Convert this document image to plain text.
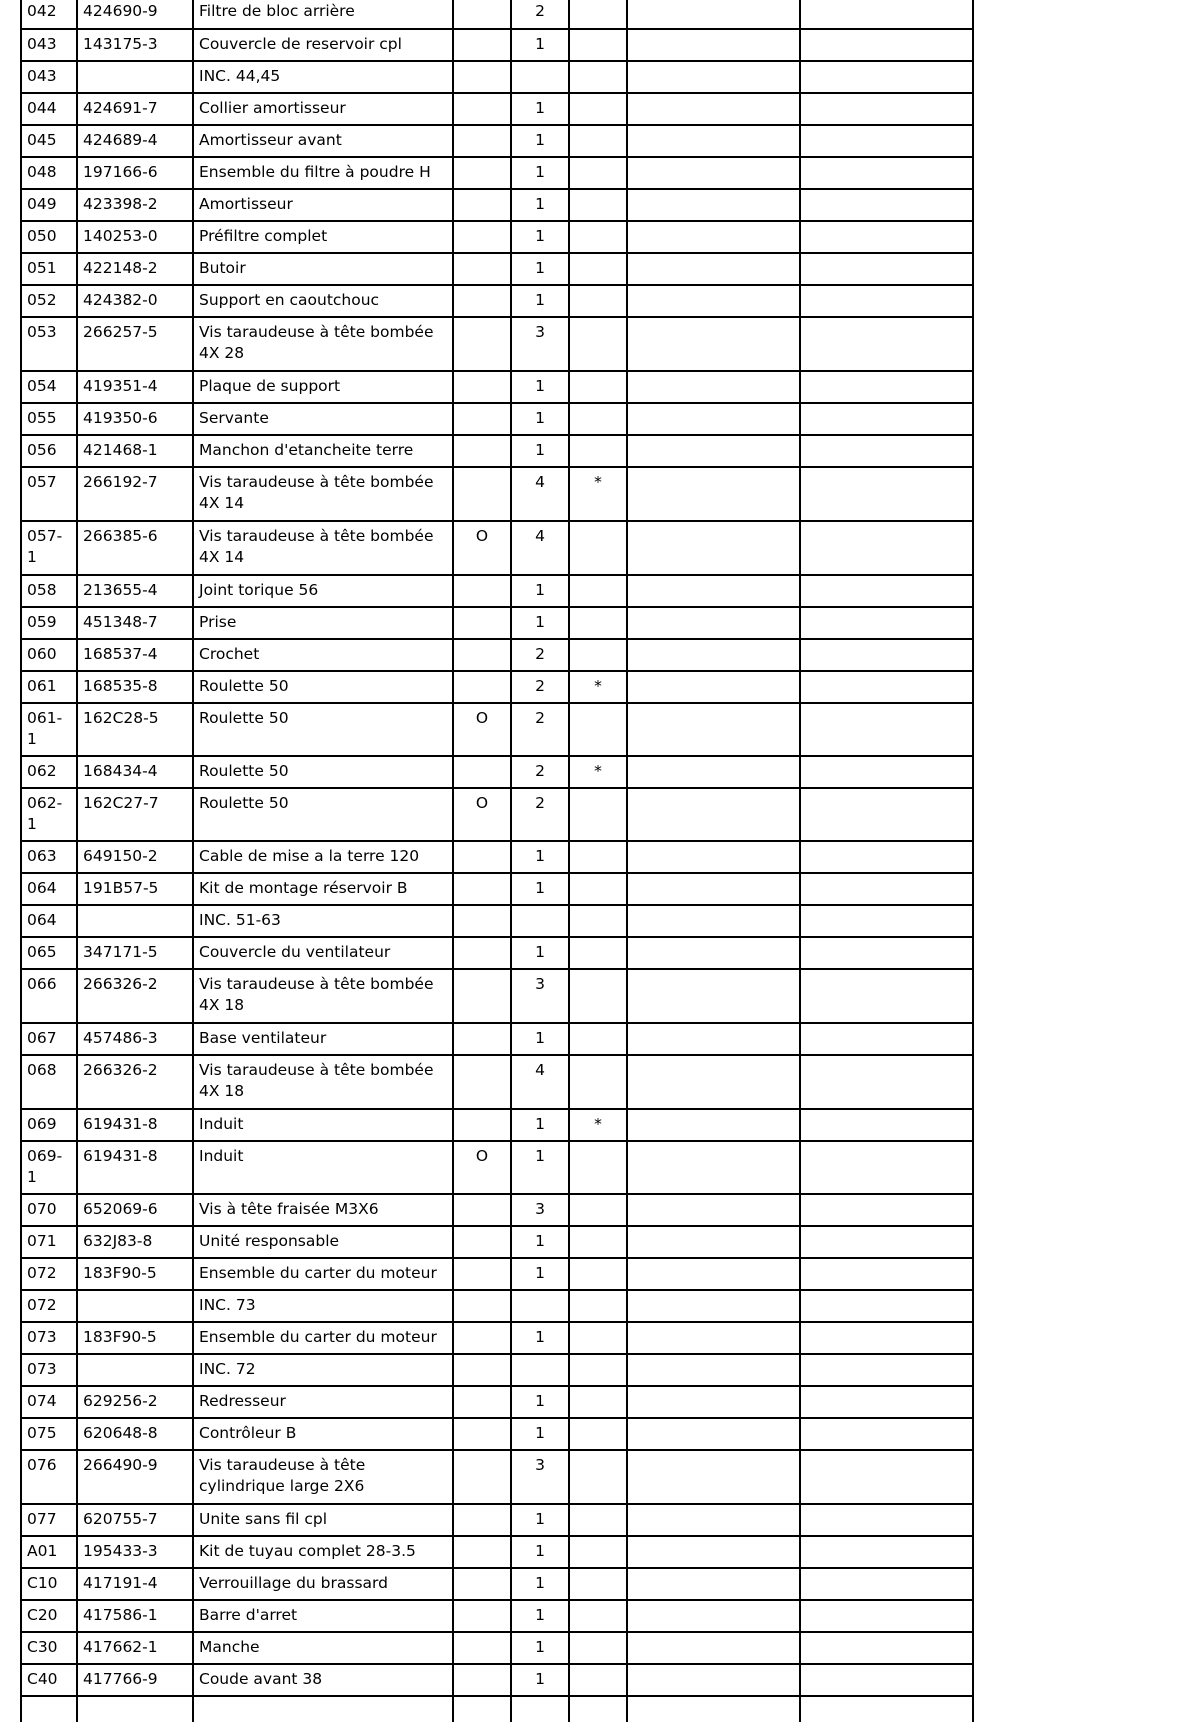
042	424690-9	Filtre de bloc arrière		2			
043	143175-3	Couvercle de reservoir cpl		1			
043		INC. 44,45					
044	424691-7	Collier amortisseur		1			
045	424689-4	Amortisseur avant		1			
048	197166-6	Ensemble du filtre à poudre H		1			
049	423398-2	Amortisseur		1			
050	140253-0	Préfiltre complet		1			
051	422148-2	Butoir		1			
052	424382-0	Support en caoutchouc		1			
053	266257-5	Vis taraudeuse à tête bombée 4X 28		3			
054	419351-4	Plaque de support		1			
055	419350-6	Servante		1			
056	421468-1	Manchon d'etancheite terre		1			
057	266192-7	Vis taraudeuse à tête bombée 4X 14		4	*		
057-1	266385-6	Vis taraudeuse à tête bombée 4X 14	O	4			
058	213655-4	Joint torique 56		1			
059	451348-7	Prise		1			
060	168537-4	Crochet		2			
061	168535-8	Roulette 50		2	*		
061-1	162C28-5	Roulette 50	O	2			
062	168434-4	Roulette 50		2	*		
062-1	162C27-7	Roulette 50	O	2			
063	649150-2	Cable de mise a la terre 120		1			
064	191B57-5	Kit de montage réservoir B		1			
064		INC. 51-63					
065	347171-5	Couvercle du ventilateur		1			
066	266326-2	Vis taraudeuse à tête bombée 4X 18		3			
067	457486-3	Base ventilateur		1			
068	266326-2	Vis taraudeuse à tête bombée 4X 18		4			
069	619431-8	Induit		1	*		
069-1	619431-8	Induit	O	1			
070	652069-6	Vis à tête fraisée M3X6		3			
071	632J83-8	Unité responsable		1			
072	183F90-5	Ensemble du carter du moteur		1			
072		INC. 73					
073	183F90-5	Ensemble du carter du moteur		1			
073		INC. 72					
074	629256-2	Redresseur		1			
075	620648-8	Contrôleur B		1			
076	266490-9	Vis taraudeuse à tête cylindrique large 2X6		3			
077	620755-7	Unite sans fil cpl		1			
A01	195433-3	Kit de tuyau complet 28-3.5		1			
C10	417191-4	Verrouillage du brassard		1			
C20	417586-1	Barre d'arret		1			
C30	417662-1	Manche		1			
C40	417766-9	Coude avant 38		1			
